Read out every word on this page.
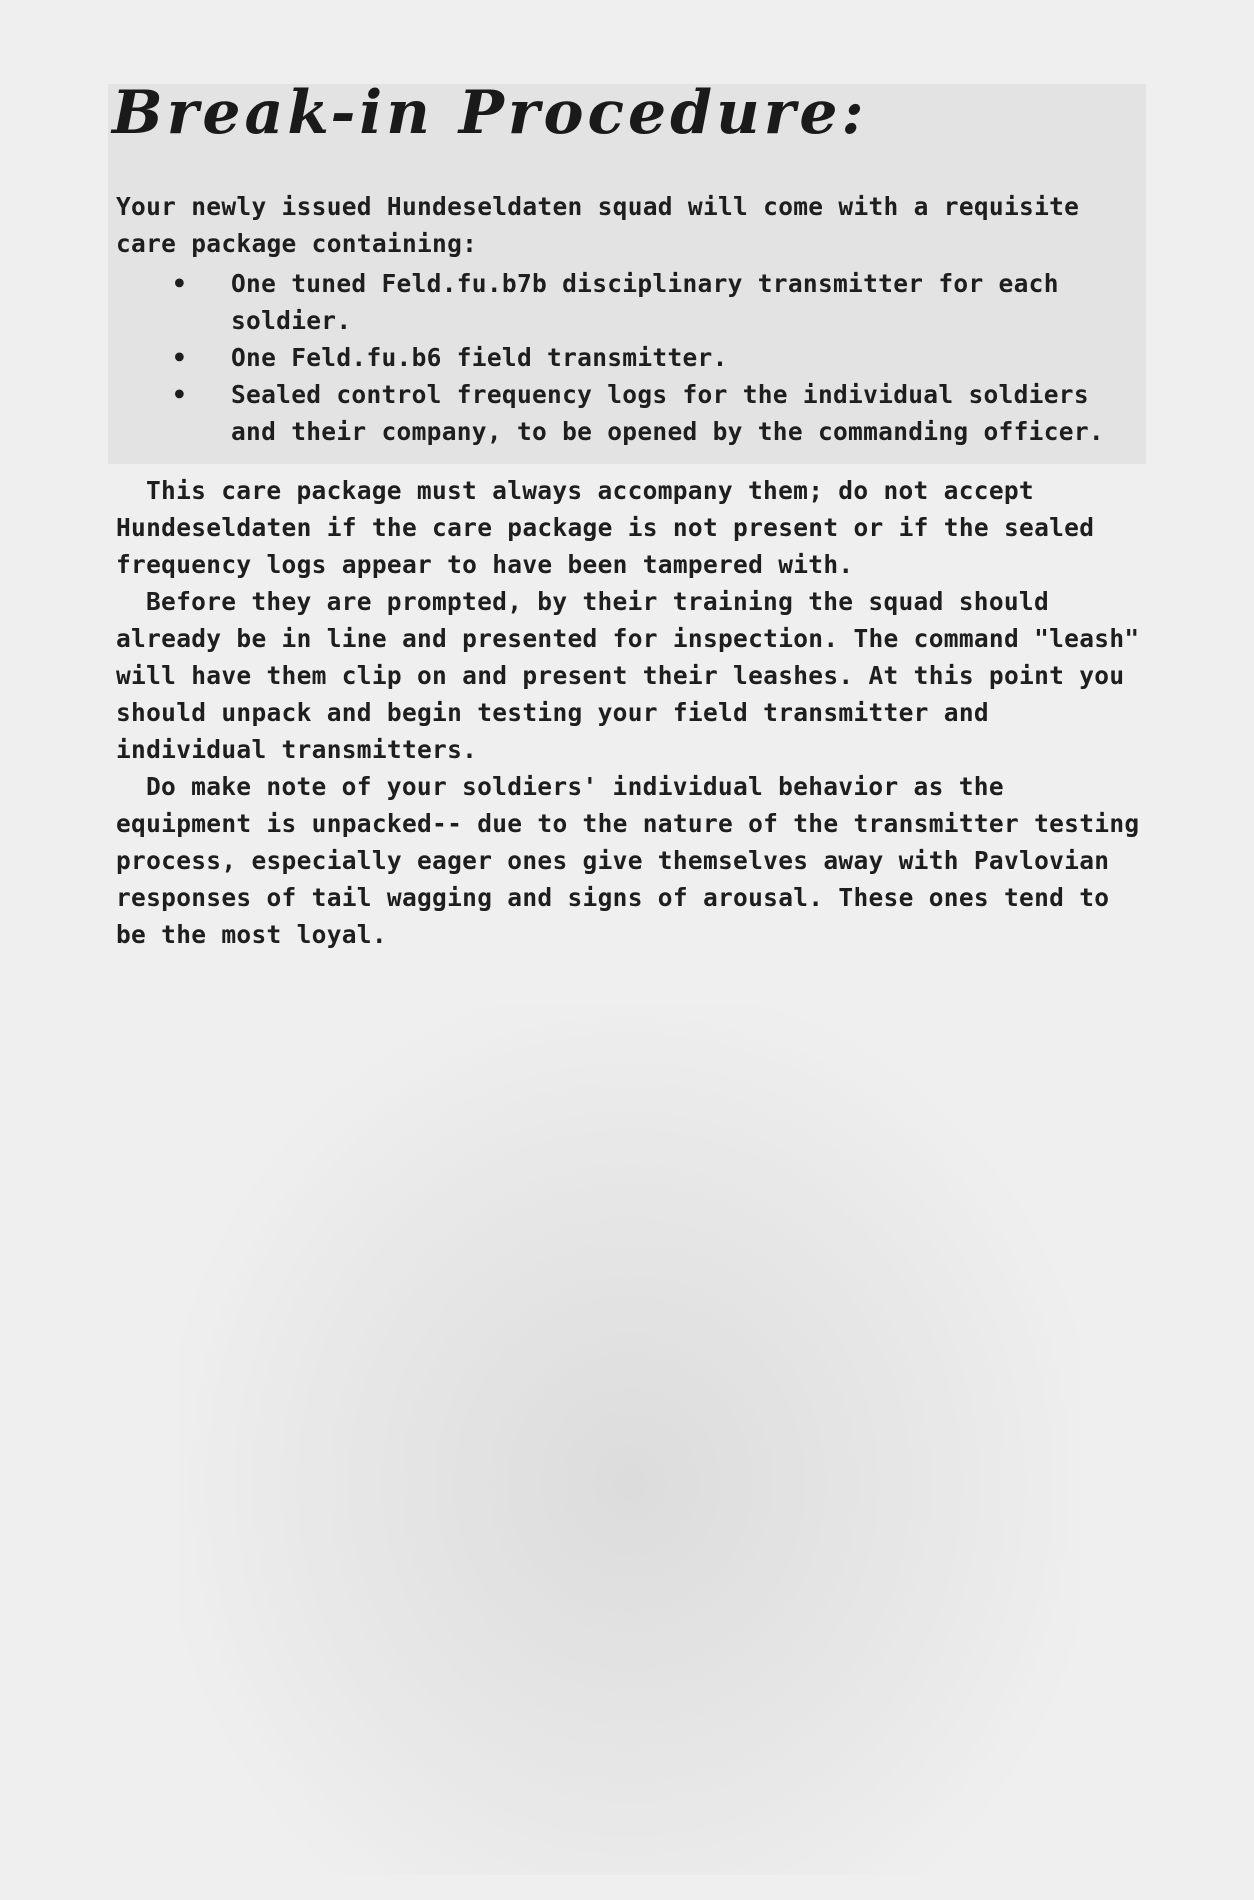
Break-in Procedure:

Your newly issued Hundeseldaten squad will come with a requisite care package containing:

• One tuned Feld.fu.b7b disciplinary transmitter for each soldier.
• One Feld.fu.b6 field transmitter.
• Sealed control frequency logs for the individual soldiers and their company, to be opened by the commanding officer.

This care package must always accompany them; do not accept Hundeseldaten if the care package is not present or if the sealed frequency logs appear to have been tampered with.

Before they are prompted, by their training the squad should already be in line and presented for inspection. The command "leash" will have them clip on and present their leashes. At this point you should unpack and begin testing your field transmitter and individual transmitters.

Do make note of your soldiers' individual behavior as the equipment is unpacked-- due to the nature of the transmitter testing process, especially eager ones give themselves away with Pavlovian responses of tail wagging and signs of arousal. These ones tend to be the most loyal.
